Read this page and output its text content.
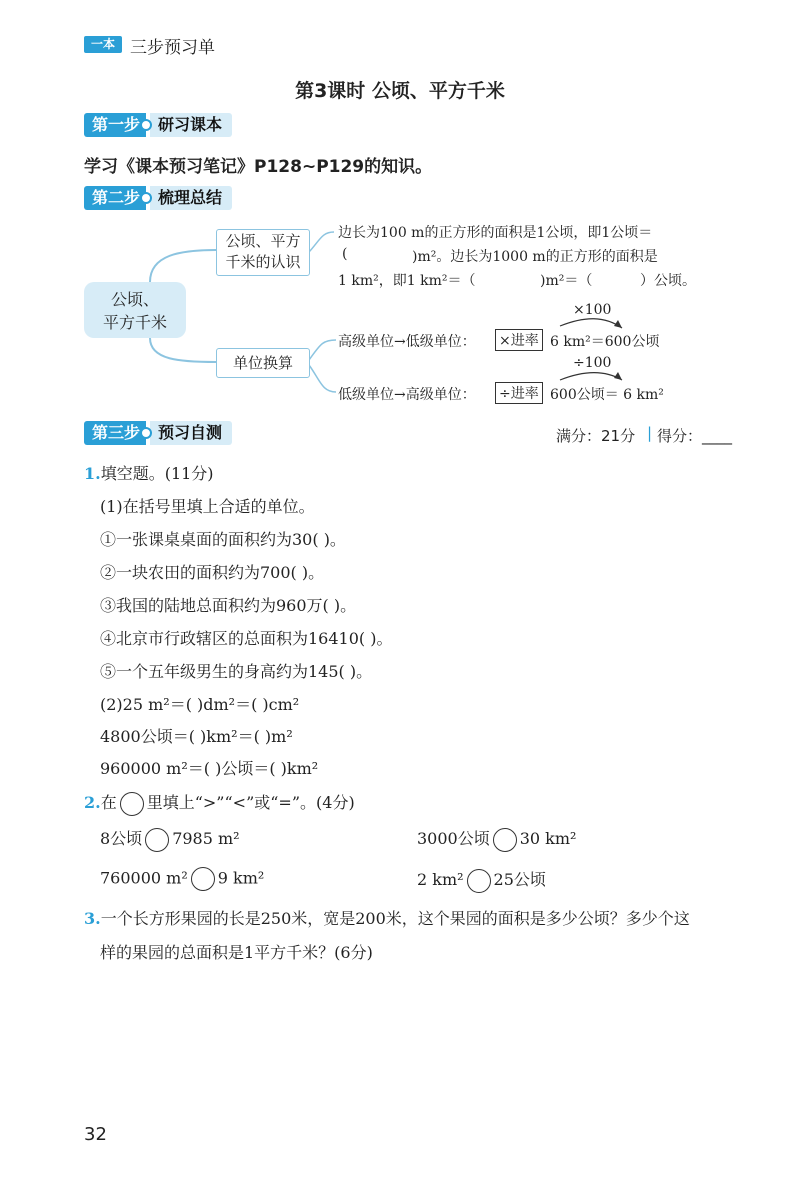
一本 三步预习单
第3课时 公顷、平方千米
第一步 研习课本
学习《课本预习笔记》P128~P129的知识。
第二步 梳理总结
公顷、
平方千米
公顷、平方
千米的认识
单位换算
边长为100 m的正方形的面积是1公顷，即1公顷＝
(	)m²。边长为1000 m的正方形的面积是
1 km²，即1 km²＝（	)m²＝（	）公顷。
×100
高级单位→低级单位： ×进率 6 km²＝600公顷
÷100
低级单位→高级单位： ÷进率 600公顷＝ 6 km²
第三步 预习自测	满分：21分 | 得分：____
1.填空题。(11分)
(1)在括号里填上合适的单位。
①一张课桌桌面的面积约为30( )。
②一块农田的面积约为700( )。
③我国的陆地总面积约为960万( )。
④北京市行政辖区的总面积为16410( )。
⑤一个五年级男生的身高约为145( )。
(2)25 m²＝( )dm²＝( )cm²
4800公顷＝( )km²＝( )m²
960000 m²＝( )公顷＝( )km²
2.在 里填上“>”“<”或“=”。(4分)
8公顷 7985 m²	3000公顷 30 km²
760000 m² 9 km²	2 km² 25公顷
3.一个长方形果园的长是250米，宽是200米，这个果园的面积是多少公顷？多少个这
样的果园的总面积是1平方千米？(6分)
32
